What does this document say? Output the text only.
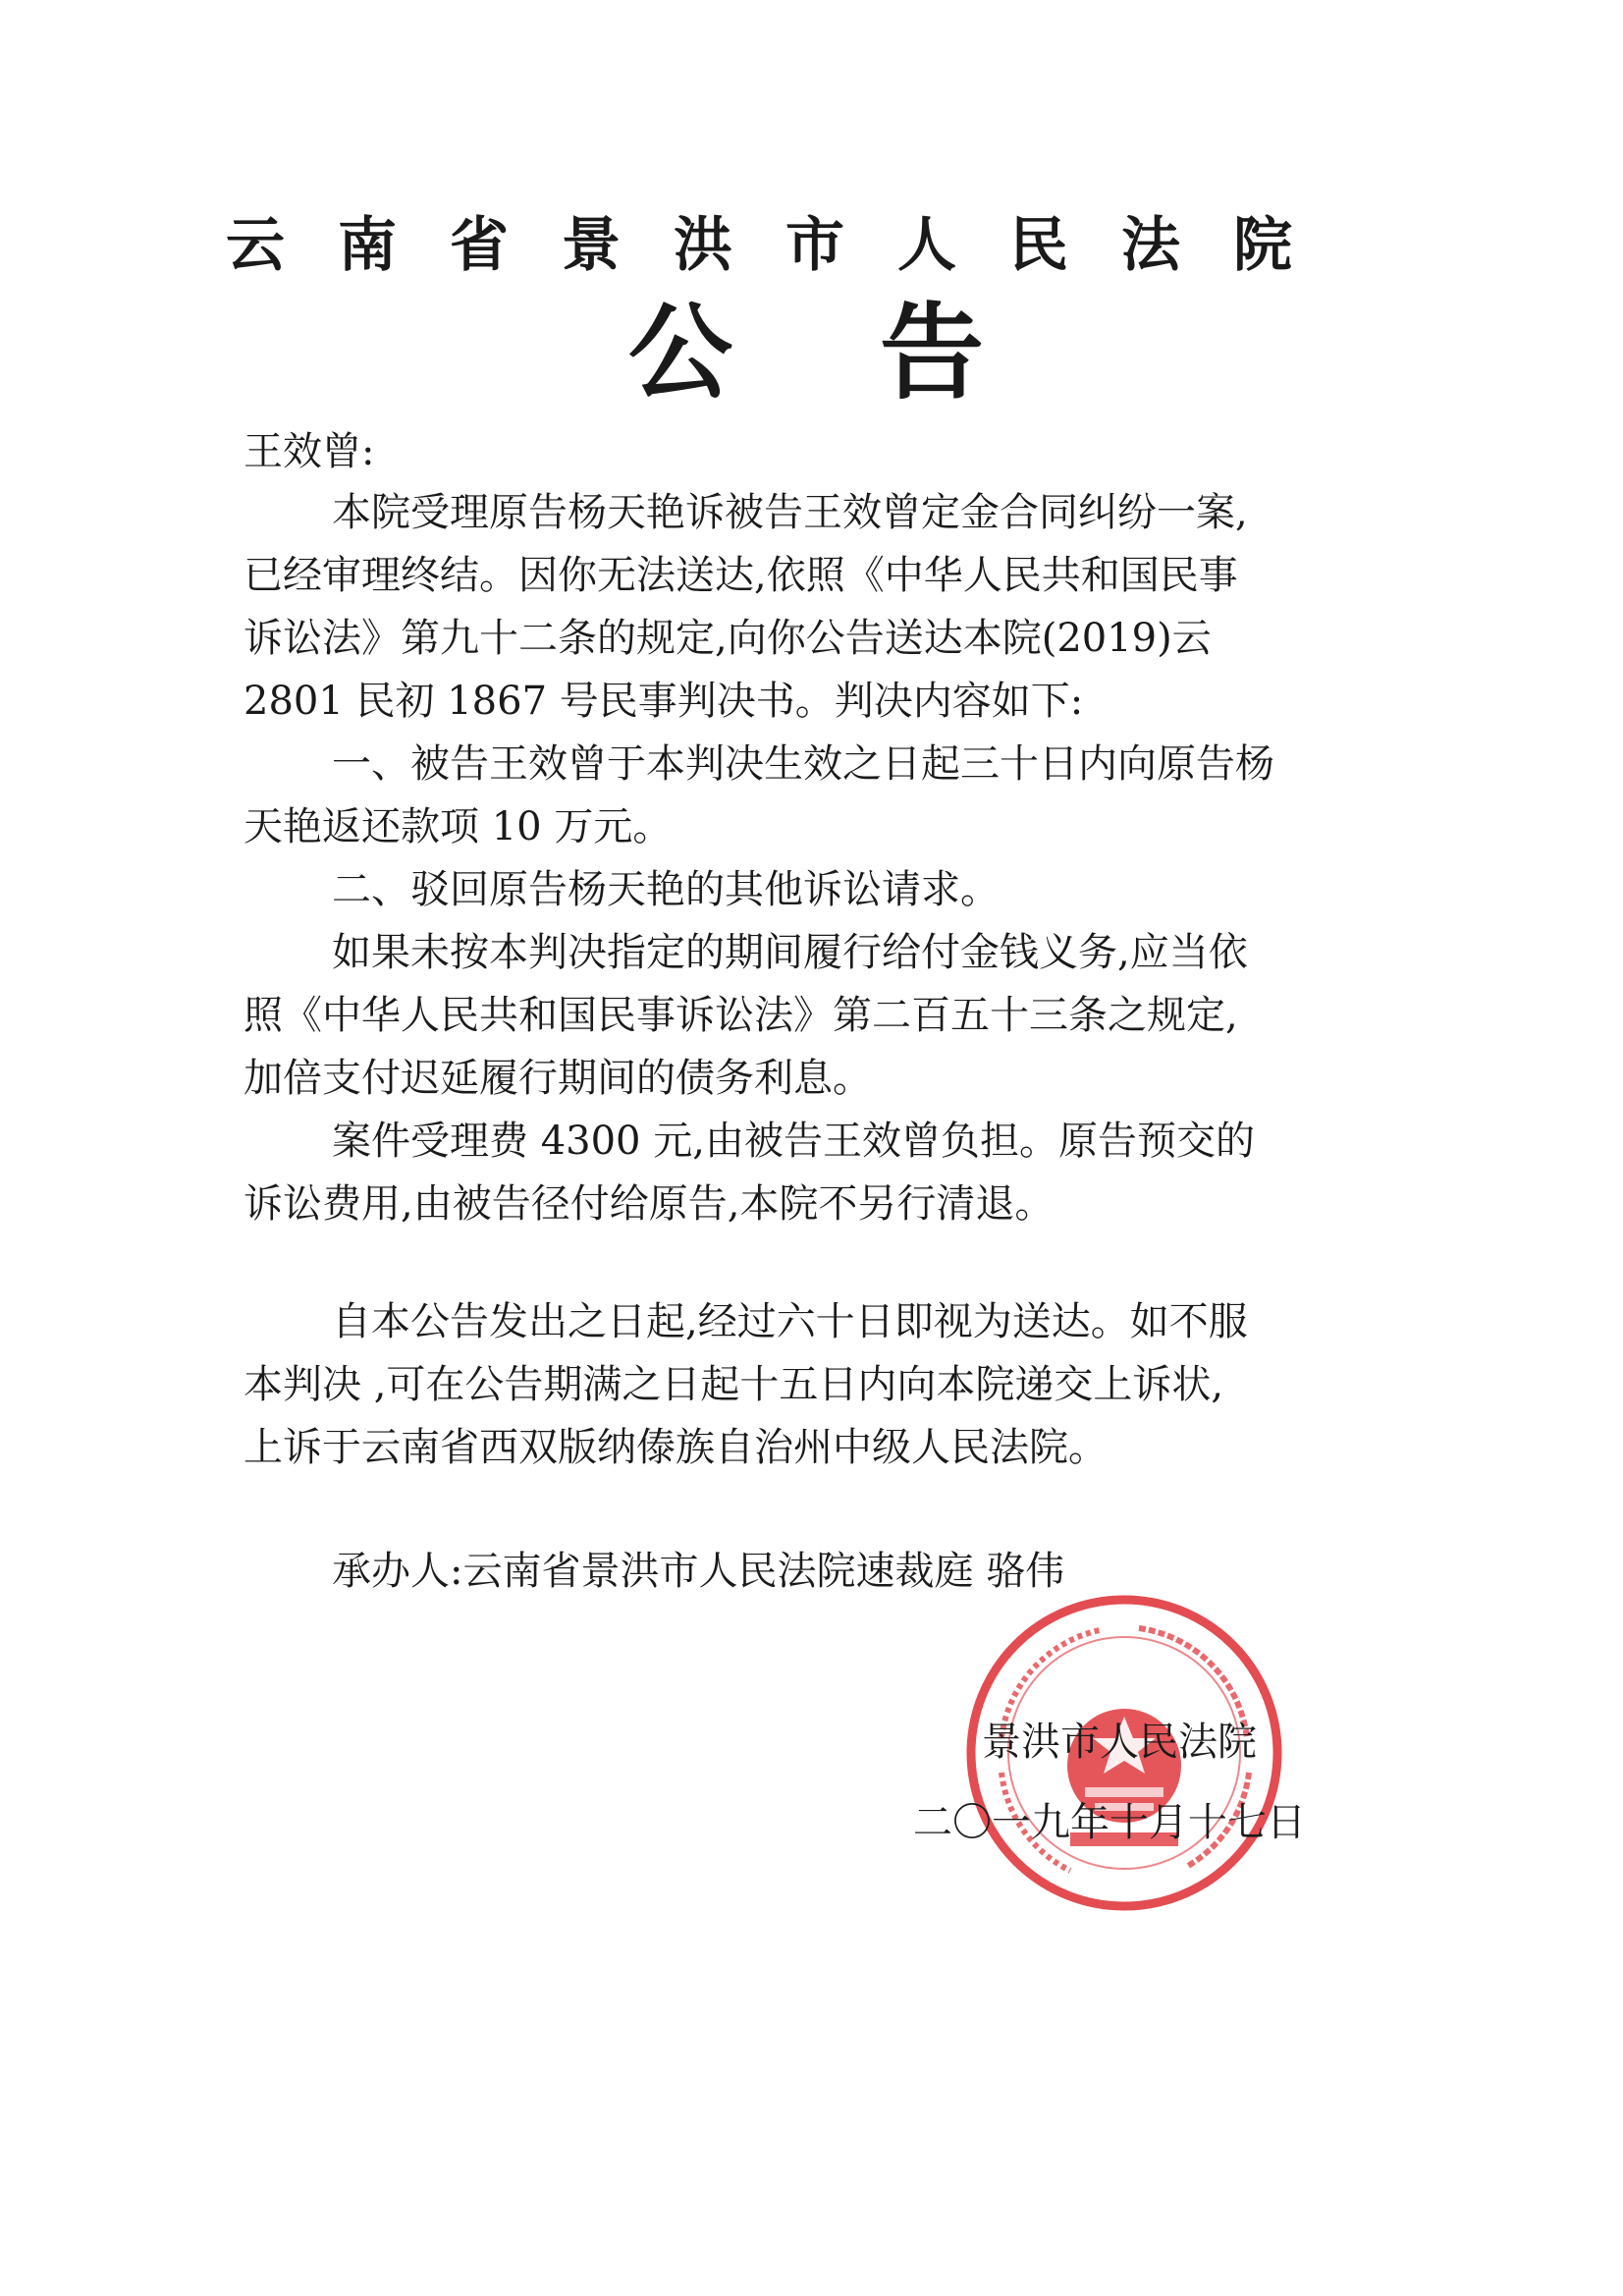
云南省景洪市人民法院
公告
王效曾:
本院受理原告杨天艳诉被告王效曾定金合同纠纷一案,
已经审理终结。因你无法送达,依照《中华人民共和国民事
诉讼法》第九十二条的规定,向你公告送达本院(2019)云
2801 民初 1867 号民事判决书。判决内容如下:
一、被告王效曾于本判决生效之日起三十日内向原告杨
天艳返还款项 10 万元。
二、驳回原告杨天艳的其他诉讼请求。
如果未按本判决指定的期间履行给付金钱义务,应当依
照《中华人民共和国民事诉讼法》第二百五十三条之规定,
加倍支付迟延履行期间的债务利息。
案件受理费 4300 元,由被告王效曾负担。原告预交的
诉讼费用,由被告径付给原告,本院不另行清退。
自本公告发出之日起,经过六十日即视为送达。如不服
本判决 ,可在公告期满之日起十五日内向本院递交上诉状,
上诉于云南省西双版纳傣族自治州中级人民法院。
承办人:云南省景洪市人民法院速裁庭 骆伟
景洪市人民法院
二〇一九年十月十七日
